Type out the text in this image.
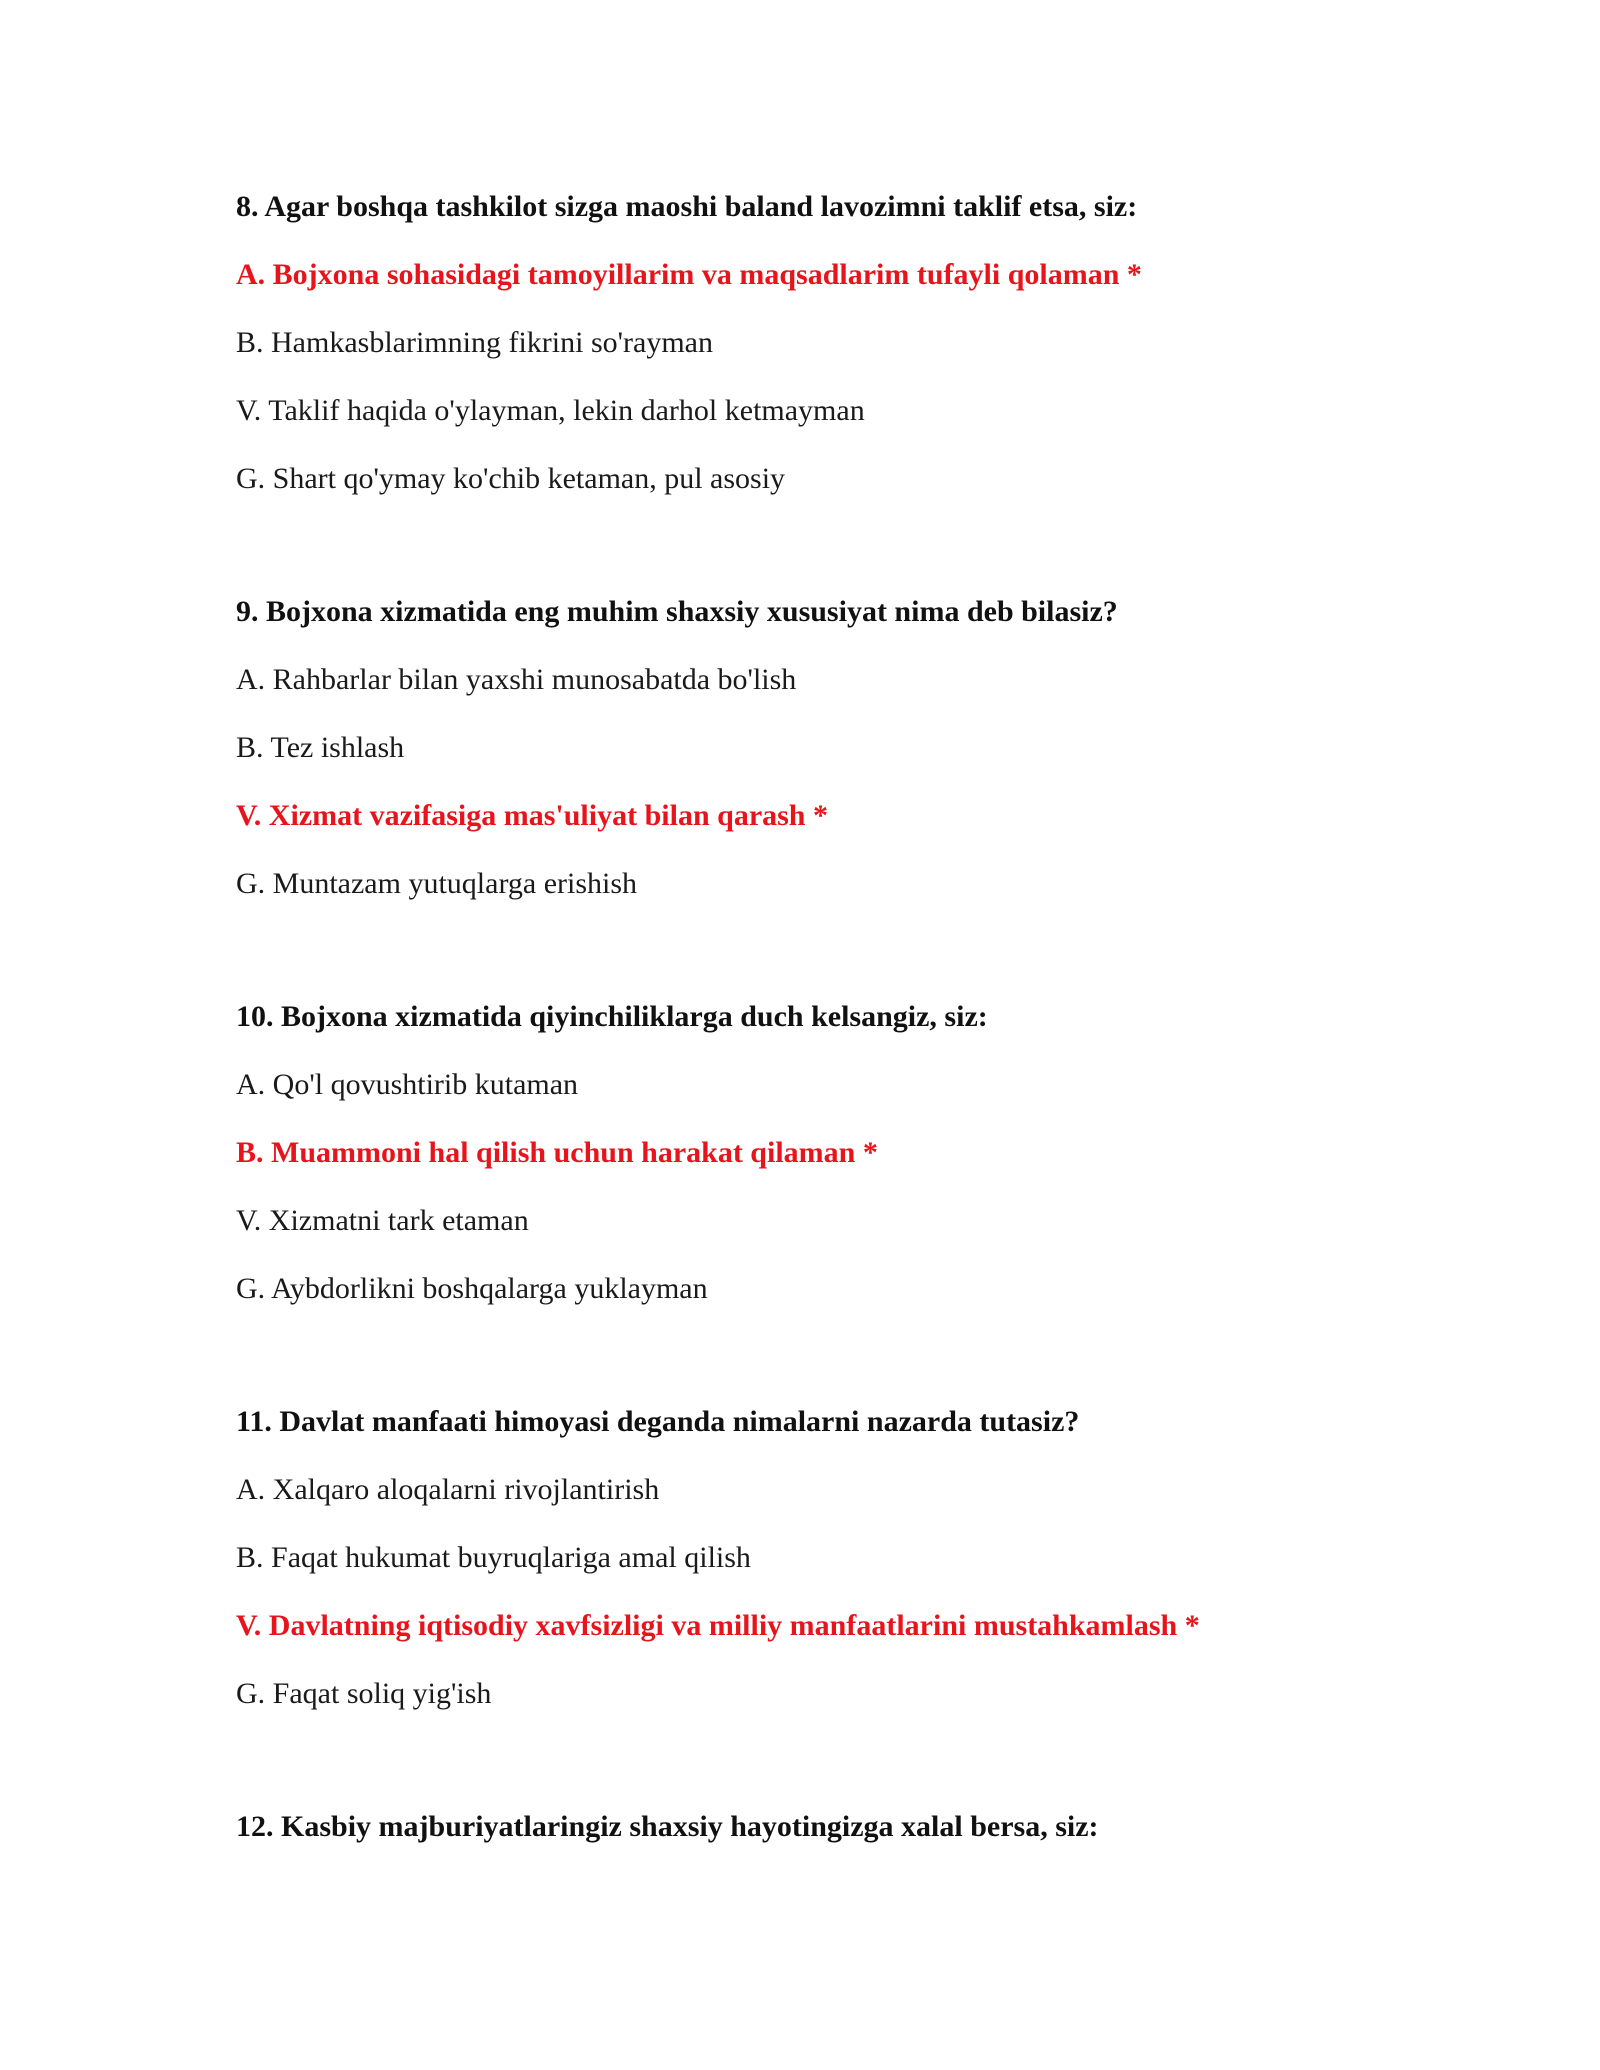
8. Agar boshqa tashkilot sizga maoshi baland lavozimni taklif etsa, siz:
A. Bojxona sohasidagi tamoyillarim va maqsadlarim tufayli qolaman *
B. Hamkasblarimning fikrini so'rayman
V. Taklif haqida o'ylayman, lekin darhol ketmayman
G. Shart qo'ymay ko'chib ketaman, pul asosiy
9. Bojxona xizmatida eng muhim shaxsiy xususiyat nima deb bilasiz?
A. Rahbarlar bilan yaxshi munosabatda bo'lish
B. Tez ishlash
V. Xizmat vazifasiga mas'uliyat bilan qarash *
G. Muntazam yutuqlarga erishish
10. Bojxona xizmatida qiyinchiliklarga duch kelsangiz, siz:
A. Qo'l qovushtirib kutaman
B. Muammoni hal qilish uchun harakat qilaman *
V. Xizmatni tark etaman
G. Aybdorlikni boshqalarga yuklayman
11. Davlat manfaati himoyasi deganda nimalarni nazarda tutasiz?
A. Xalqaro aloqalarni rivojlantirish
B. Faqat hukumat buyruqlariga amal qilish
V. Davlatning iqtisodiy xavfsizligi va milliy manfaatlarini mustahkamlash *
G. Faqat soliq yig'ish
12. Kasbiy majburiyatlaringiz shaxsiy hayotingizga xalal bersa, siz:
